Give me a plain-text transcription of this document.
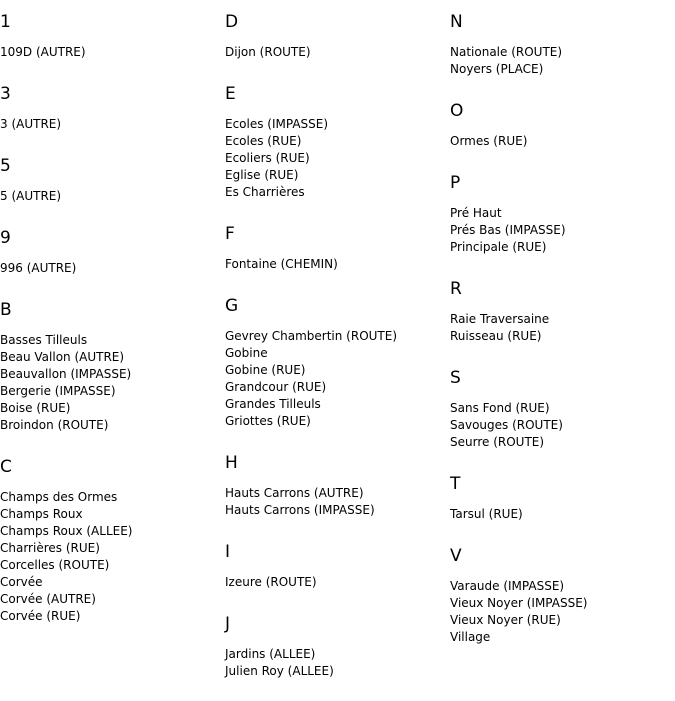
1
109D (AUTRE)
3
3 (AUTRE)
5
5 (AUTRE)
9
996 (AUTRE)
B
Basses Tilleuls
Beau Vallon (AUTRE)
Beauvallon (IMPASSE)
Bergerie (IMPASSE)
Boise (RUE)
Broindon (ROUTE)
C
Champs des Ormes
Champs Roux
Champs Roux (ALLEE)
Charrières (RUE)
Corcelles (ROUTE)
Corvée
Corvée (AUTRE)
Corvée (RUE)
D
Dijon (ROUTE)
E
Ecoles (IMPASSE)
Ecoles (RUE)
Ecoliers (RUE)
Eglise (RUE)
Es Charrières
F
Fontaine (CHEMIN)
G
Gevrey Chambertin (ROUTE)
Gobine
Gobine (RUE)
Grandcour (RUE)
Grandes Tilleuls
Griottes (RUE)
H
Hauts Carrons (AUTRE)
Hauts Carrons (IMPASSE)
I
Izeure (ROUTE)
J
Jardins (ALLEE)
Julien Roy (ALLEE)
N
Nationale (ROUTE)
Noyers (PLACE)
O
Ormes (RUE)
P
Pré Haut
Prés Bas (IMPASSE)
Principale (RUE)
R
Raie Traversaine
Ruisseau (RUE)
S
Sans Fond (RUE)
Savouges (ROUTE)
Seurre (ROUTE)
T
Tarsul (RUE)
V
Varaude (IMPASSE)
Vieux Noyer (IMPASSE)
Vieux Noyer (RUE)
Village
